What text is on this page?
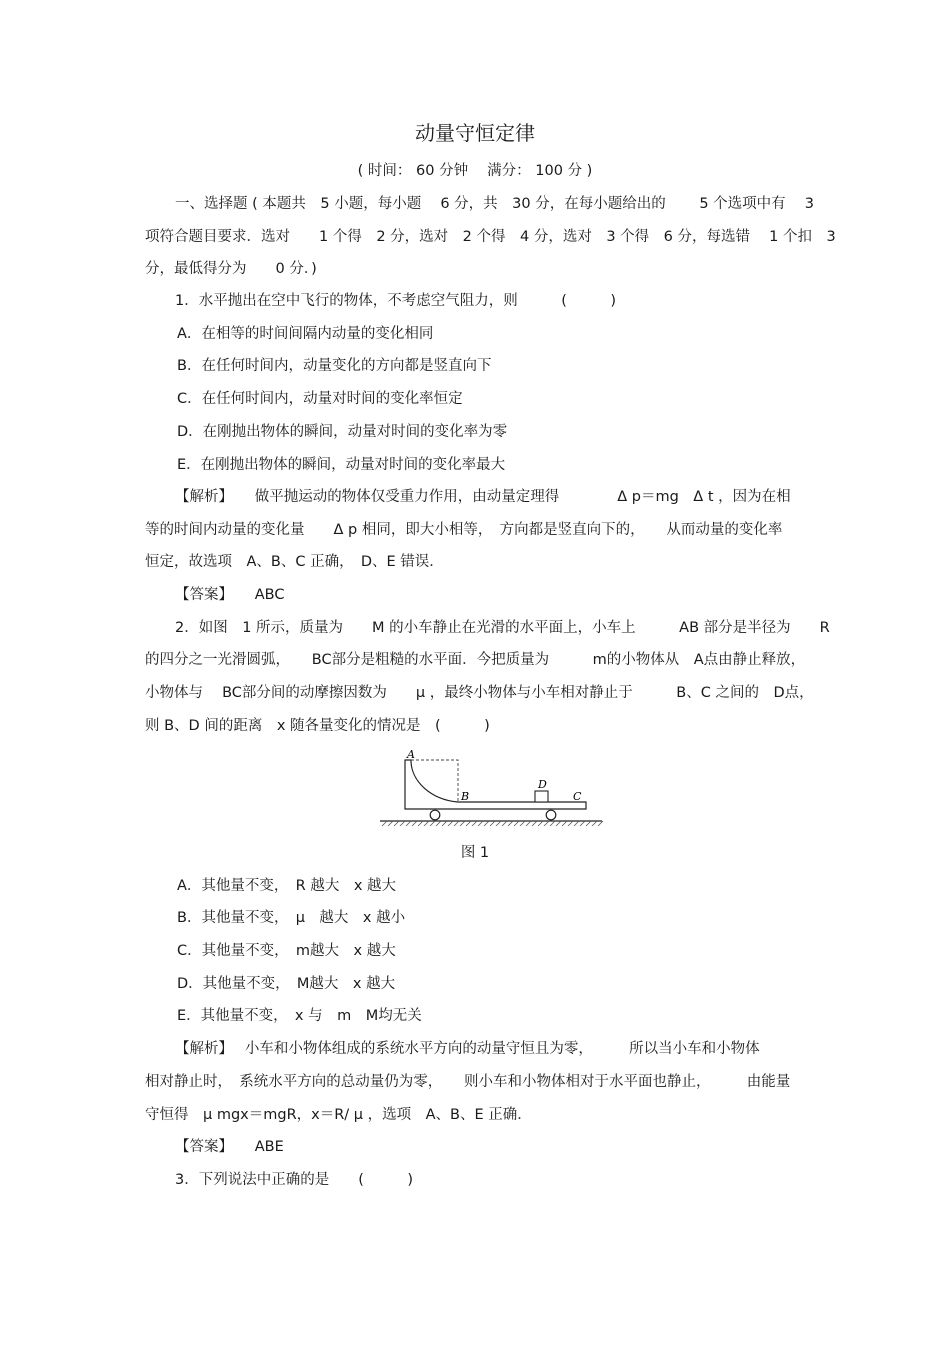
动量守恒定律
( 时间： 60 分钟　 满分： 100 分 )
一、选择题 ( 本题共　5 小题，每小题　 6 分，共　30 分，在每小题给出的　　 5 个选项中有　 3
项符合题目要求．选对　　1 个得　2 分，选对　2 个得　4 分，选对　3 个得　6 分，每选错　 1 个扣　3
分，最低得分为　　0 分．)
1．水平抛出在空中飞行的物体，不考虑空气阻力，则　　　(　　　)
A．在相等的时间间隔内动量的变化相同
B．在任何时间内，动量变化的方向都是竖直向下
C．在任何时间内，动量对时间的变化率恒定
D．在刚抛出物体的瞬间，动量对时间的变化率为零
E．在刚抛出物体的瞬间，动量对时间的变化率最大
【解析】　　做平抛运动的物体仅受重力作用，由动量定理得　　　　Δ p＝mg　Δ t ，因为在相
等的时间内动量的变化量　　Δ p 相同，即大小相等，　方向都是竖直向下的，　　从而动量的变化率
恒定，故选项　A、B、C 正确，　D、E 错误．
【答案】　　ABC
2．如图　1 所示，质量为　　M 的小车静止在光滑的水平面上，小车上　　　AB 部分是半径为　　R
的四分之一光滑圆弧，　　BC部分是粗糙的水平面．今把质量为　　　m的小物体从　A点由静止释放，
小物体与　 BC部分间的动摩擦因数为　　μ ，最终小物体与小车相对静止于　　　B、C 之间的　D点，
则 B、D 间的距离　x 随各量变化的情况是　(　　　)
A
B
D
C
图 1
A．其他量不变，　R 越大　x 越大
B．其他量不变，　μ　越大　x 越小
C．其他量不变，　m越大　x 越大
D．其他量不变，　M越大　x 越大
E．其他量不变，　x 与　m　M均无关
【解析】　 小车和小物体组成的系统水平方向的动量守恒且为零，　　　所以当小车和小物体
相对静止时，　系统水平方向的总动量仍为零，　　则小车和小物体相对于水平面也静止，　　　由能量
守恒得　μ mgx＝mgR，x＝R/ μ ，选项　A、B、E 正确．
【答案】　　ABE
3．下列说法中正确的是　　(　　　)
